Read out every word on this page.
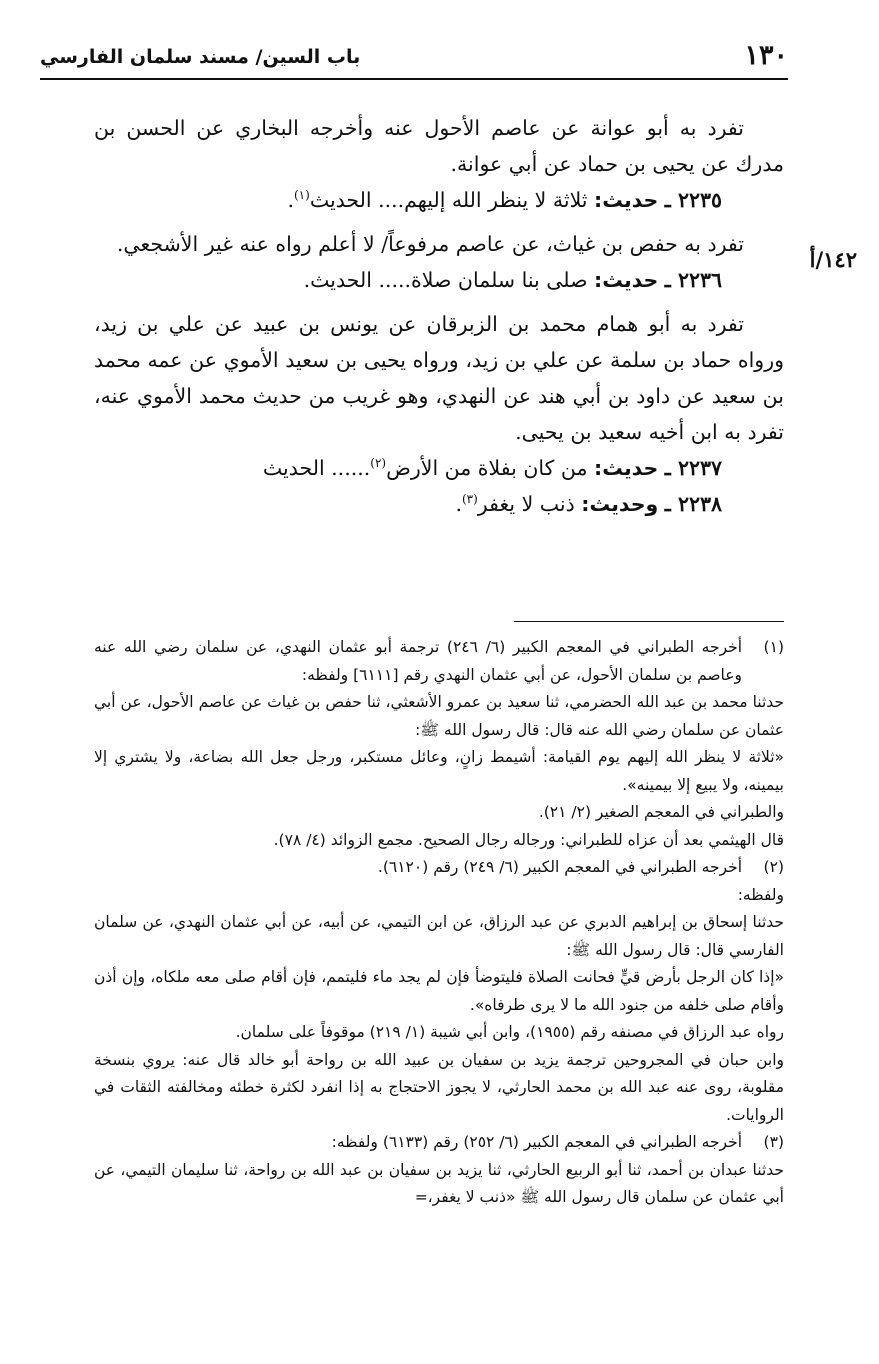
١٣٠
باب السين/ مسند سلمان الفارسي
١٤٢/أ

تفرد به أبو عوانة عن عاصم الأحول عنه وأخرجه البخاري عن الحسن بن مدرك عن يحيى بن حماد عن أبي عوانة.

٢٢٣٥ ـ حديث: ثلاثة لا ينظر الله إليهم.... الحديث$^{(١)}$.

تفرد به حفص بن غياث، عن عاصم مرفوعاً/ لا أعلم رواه عنه غير الأشجعي.

٢٢٣٦ ـ حديث: صلى بنا سلمان صلاة..... الحديث.

تفرد به أبو همام محمد بن الزبرقان عن يونس بن عبيد عن علي بن زيد، ورواه حماد بن سلمة عن علي بن زيد، ورواه يحيى بن سعيد الأموي عن عمه محمد بن سعيد عن داود بن أبي هند عن النهدي، وهو غريب من حديث محمد الأموي عنه، تفرد به ابن أخيه سعيد بن يحيى.

٢٢٣٧ ـ حديث: من كان بفلاة من الأرض$^{(٢)}$...... الحديث

٢٢٣٨ ـ وحديث: ذنب لا يغفر$^{(٣)}$.

(١)
أخرجه الطبراني في المعجم الكبير (٦/ ٢٤٦) ترجمة أبو عثمان النهدي، عن سلمان رضي الله عنه وعاصم بن سلمان الأحول، عن أبي عثمان النهدي رقم [٦١١١] ولفظه:

حدثنا محمد بن عبد الله الحضرمي، ثنا سعيد بن عمرو الأشعثي، ثنا حفص بن غياث عن عاصم الأحول، عن أبي عثمان عن سلمان رضي الله عنه قال: قال رسول الله ﷺ:

«ثلاثة لا ينظر الله إليهم يوم القيامة: أشيمط زانٍ، وعائل مستكبر، ورجل جعل الله بضاعة، ولا يشتري إلا بيمينه، ولا يبيع إلا بيمينه».

والطبراني في المعجم الصغير (٢/ ٢١).

قال الهيثمي بعد أن عزاه للطبراني: ورجاله رجال الصحيح. مجمع الزوائد (٤/ ٧٨).

(٢)
أخرجه الطبراني في المعجم الكبير (٦/ ٢٤٩) رقم (٦١٢٠).

ولفظه:

حدثنا إسحاق بن إبراهيم الدبري عن عبد الرزاق، عن ابن التيمي، عن أبيه، عن أبي عثمان النهدي، عن سلمان الفارسي قال: قال رسول الله ﷺ:

«إذا كان الرجل بأرض قيٍّ فحانت الصلاة فليتوضأ فإن لم يجد ماء فليتمم، فإن أقام صلى معه ملكاه، وإن أذن وأقام صلى خلفه من جنود الله ما لا يرى طرفاه».

رواه عبد الرزاق في مصنفه رقم (١٩٥٥)، وابن أبي شيبة (١/ ٢١٩) موقوفاً على سلمان.

وابن حبان في المجروحين ترجمة يزيد بن سفيان بن عبيد الله بن رواحة أبو خالد قال عنه: يروي بنسخة مقلوبة، روى عنه عبد الله بن محمد الحارثي، لا يجوز الاحتجاج به إذا انفرد لكثرة خطئه ومخالفته الثقات في الروايات.

(٣)
أخرجه الطبراني في المعجم الكبير (٦/ ٢٥٢) رقم (٦١٣٣) ولفظه:

حدثنا عبدان بن أحمد، ثنا أبو الربيع الحارثي، ثنا يزيد بن سفيان بن عبد الله بن رواحة، ثنا سليمان التيمي، عن أبي عثمان عن سلمان قال رسول الله ﷺ «ذنب لا يغفر،=
